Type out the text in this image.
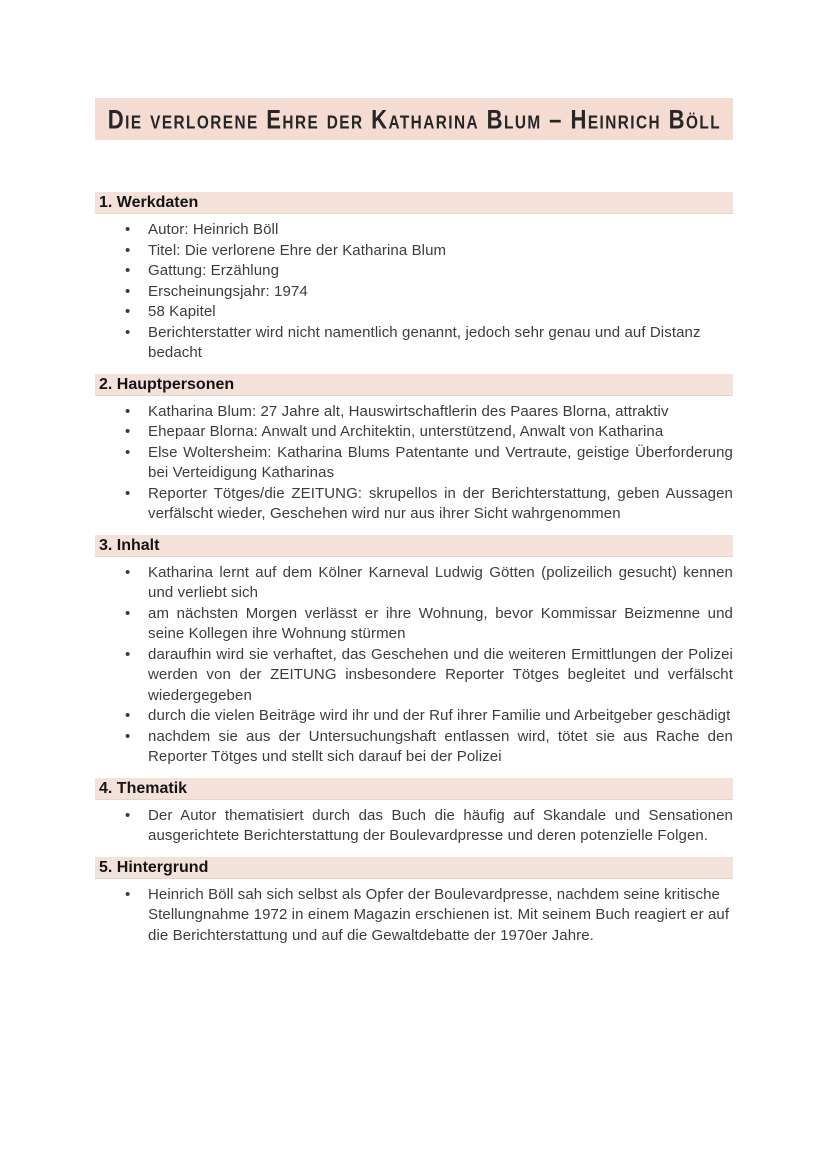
Die verlorene Ehre der Katharina Blum – Heinrich Böll
1. Werkdaten
• Autor: Heinrich Böll
• Titel: Die verlorene Ehre der Katharina Blum
• Gattung: Erzählung
• Erscheinungsjahr: 1974
• 58 Kapitel
• Berichterstatter wird nicht namentlich genannt, jedoch sehr genau und auf Distanz bedacht
2. Hauptpersonen
• Katharina Blum: 27 Jahre alt, Hauswirtschaftlerin des Paares Blorna, attraktiv
• Ehepaar Blorna: Anwalt und Architektin, unterstützend, Anwalt von Katharina
• Else Woltersheim: Katharina Blums Patentante und Vertraute, geistige Überforderung bei Verteidigung Katharinas
• Reporter Tötges/die ZEITUNG: skrupellos in der Berichterstattung, geben Aussagen verfälscht wieder, Geschehen wird nur aus ihrer Sicht wahrgenommen
3. Inhalt
• Katharina lernt auf dem Kölner Karneval Ludwig Götten (polizeilich gesucht) kennen und verliebt sich
• am nächsten Morgen verlässt er ihre Wohnung, bevor Kommissar Beizmenne und seine Kollegen ihre Wohnung stürmen
• daraufhin wird sie verhaftet, das Geschehen und die weiteren Ermittlungen der Polizei werden von der ZEITUNG insbesondere Reporter Tötges begleitet und verfälscht wiedergegeben
• durch die vielen Beiträge wird ihr und der Ruf ihrer Familie und Arbeitgeber geschädigt
• nachdem sie aus der Untersuchungshaft entlassen wird, tötet sie aus Rache den Reporter Tötges und stellt sich darauf bei der Polizei
4. Thematik
• Der Autor thematisiert durch das Buch die häufig auf Skandale und Sensationen ausgerichtete Berichterstattung der Boulevardpresse und deren potenzielle Folgen.
5. Hintergrund
• Heinrich Böll sah sich selbst als Opfer der Boulevardpresse, nachdem seine kritische Stellungnahme 1972 in einem Magazin erschienen ist. Mit seinem Buch reagiert er auf die Berichterstattung und auf die Gewaltdebatte der 1970er Jahre.
